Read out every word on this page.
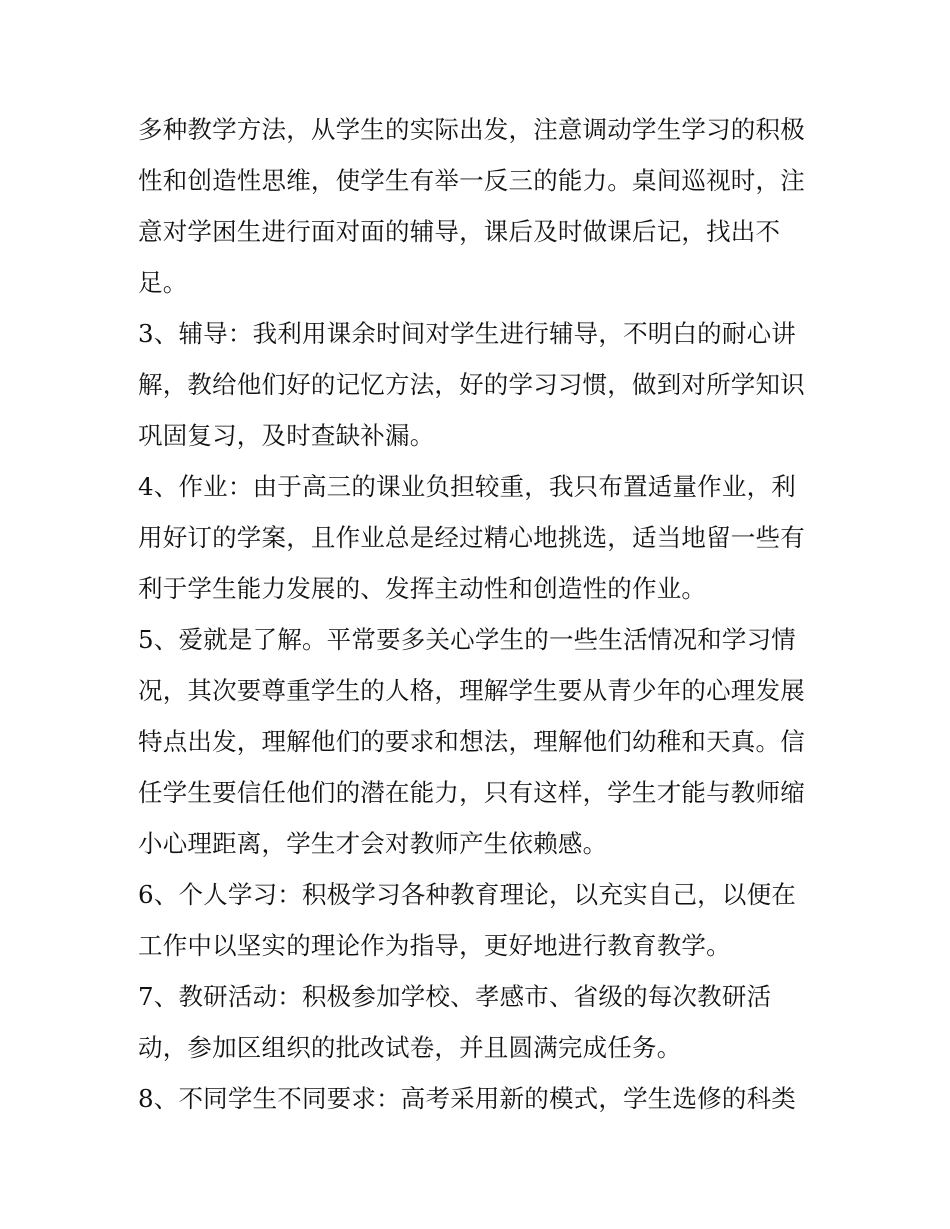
多种教学方法，从学生的实际出发，注意调动学生学习的积极
性和创造性思维，使学生有举一反三的能力。桌间巡视时，注
意对学困生进行面对面的辅导，课后及时做课后记，找出不
足。
3、辅导：我利用课余时间对学生进行辅导，不明白的耐心讲
解，教给他们好的记忆方法，好的学习习惯，做到对所学知识
巩固复习，及时查缺补漏。
4、作业：由于高三的课业负担较重，我只布置适量作业，利
用好订的学案，且作业总是经过精心地挑选，适当地留一些有
利于学生能力发展的、发挥主动性和创造性的作业。
5、爱就是了解。平常要多关心学生的一些生活情况和学习情
况，其次要尊重学生的人格，理解学生要从青少年的心理发展
特点出发，理解他们的要求和想法，理解他们幼稚和天真。信
任学生要信任他们的潜在能力，只有这样，学生才能与教师缩
小心理距离，学生才会对教师产生依赖感。
6、个人学习：积极学习各种教育理论，以充实自己，以便在
工作中以坚实的理论作为指导，更好地进行教育教学。
7、教研活动：积极参加学校、孝感市、省级的每次教研活
动，参加区组织的批改试卷，并且圆满完成任务。
8、不同学生不同要求：高考采用新的模式，学生选修的科类
